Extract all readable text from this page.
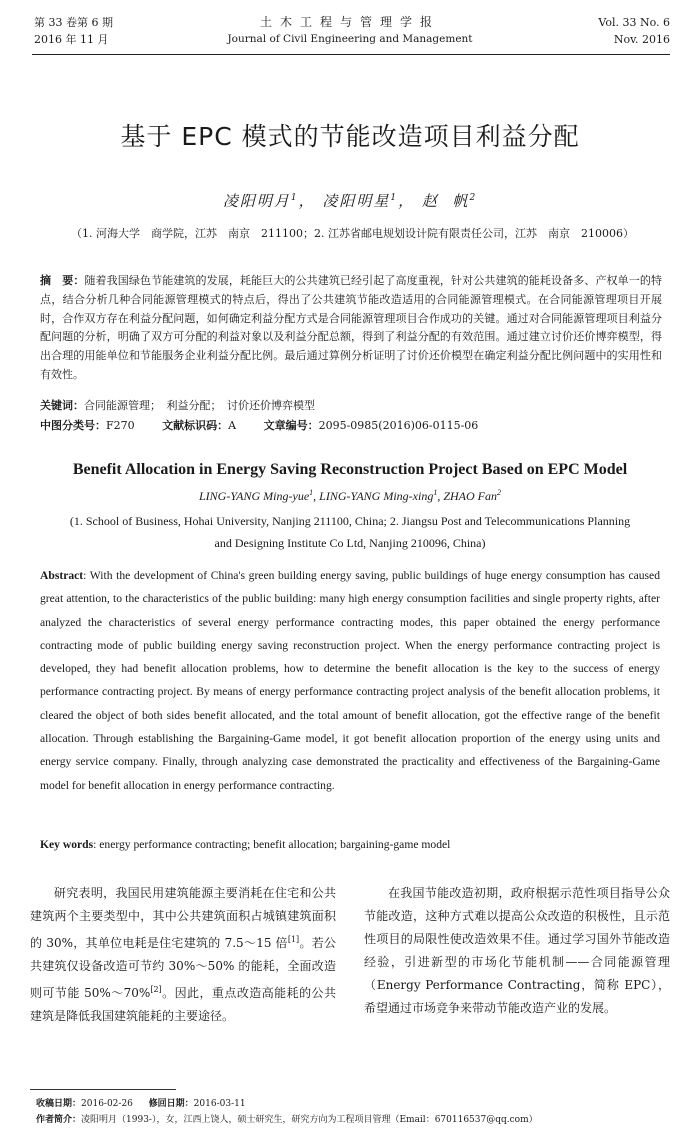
第 33 卷第 6 期
2016 年 11 月
土木工程与管理学报
Journal of Civil Engineering and Management
Vol. 33 No. 6
Nov. 2016
基于 EPC 模式的节能改造项目利益分配
凌阳明月$^1$， 凌阳明星$^1$， 赵  帆$^2$
（1. 河海大学　商学院，江苏　南京　211100；2. 江苏省邮电规划设计院有限责任公司，江苏　南京　210006）
摘　要：随着我国绿色节能建筑的发展，耗能巨大的公共建筑已经引起了高度重视，针对公共建筑的能耗设备多、产权单一的特点，结合分析几种合同能源管理模式的特点后，得出了公共建筑节能改造适用的合同能源管理模式。在合同能源管理项目开展时，合作双方存在利益分配问题，如何确定利益分配方式是合同能源管理项目合作成功的关键。通过对合同能源管理项目利益分配问题的分析，明确了双方可分配的利益对象以及利益分配总额，得到了利益分配的有效范围。通过建立讨价还价博弈模型，得出合理的用能单位和节能服务企业利益分配比例。最后通过算例分析证明了讨价还价模型在确定利益分配比例问题中的实用性和有效性。
关键词：合同能源管理；　利益分配；　讨价还价博弈模型
中图分类号：F270	文献标识码：A	文章编号：2095-0985(2016)06-0115-06
Benefit Allocation in Energy Saving Reconstruction Project Based on EPC Model
LING-YANG Ming-yue$^1$, LING-YANG Ming-xing$^1$, ZHAO Fan$^2$
(1. School of Business, Hohai University, Nanjing 211100, China; 2. Jiangsu Post and Telecommunications Planning and Designing Institute Co Ltd, Nanjing 210096, China)
Abstract: With the development of China's green building energy saving, public buildings of huge energy consumption has caused great attention, to the characteristics of the public building: many high energy consumption facilities and single property rights, after analyzed the characteristics of several energy performance contracting modes, this paper obtained the energy performance contracting mode of public building energy saving reconstruction project. When the energy performance contracting project is developed, they had benefit allocation problems, how to determine the benefit allocation is the key to the success of energy performance contracting project. By means of energy performance contracting project analysis of the benefit allocation problems, it cleared the object of both sides benefit allocated, and the total amount of benefit allocation, got the effective range of the benefit allocation. Through establishing the Bargaining-Game model, it got benefit allocation proportion of the energy using units and energy service company. Finally, through analyzing case demonstrated the practicality and effectiveness of the Bargaining-Game model for benefit allocation in energy performance contracting.
Key words: energy performance contracting; benefit allocation; bargaining-game model

研究表明，我国民用建筑能源主要消耗在住宅和公共建筑两个主要类型中，其中公共建筑面积占城镇建筑面积的 30%，其单位电耗是住宅建筑的 7.5～15 倍[1]。若公共建筑仅设备改造可节约 30%～50% 的能耗，全面改造则可节能 50%～70%[2]。因此，重点改造高能耗的公共建筑是降低我国建筑能耗的主要途径。

在我国节能改造初期，政府根据示范性项目指导公众节能改造，这种方式难以提高公众改造的积极性，且示范性项目的局限性使改造效果不佳。通过学习国外节能改造经验，引进新型的市场化节能机制——合同能源管理（Energy Performance Contracting，简称 EPC），希望通过市场竞争来带动节能改造产业的发展。

收稿日期：2016-02-26 修回日期：2016-03-11
作者简介：凌阳明月（1993-），女，江西上饶人，硕士研究生，研究方向为工程项目管理（Email：670116537@qq.com）
